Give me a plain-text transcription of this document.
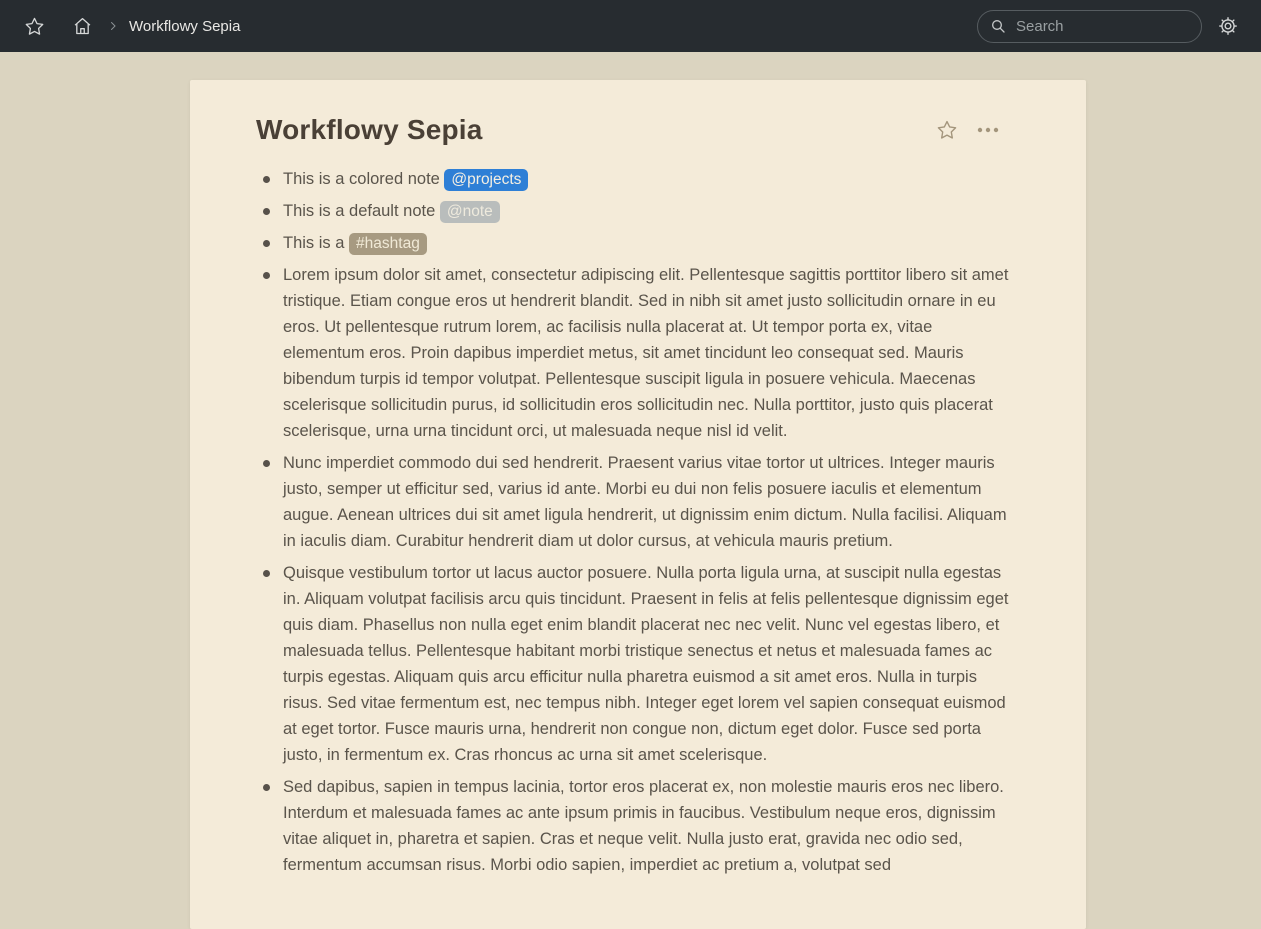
Workflowy Sepia
Search
Workflowy Sepia
This is a colored note @projects
This is a default note @note
This is a #hashtag
Lorem ipsum dolor sit amet, consectetur adipiscing elit. Pellentesque sagittis porttitor libero sit amet tristique. Etiam congue eros ut hendrerit blandit. Sed in nibh sit amet justo sollicitudin ornare in eu eros. Ut pellentesque rutrum lorem, ac facilisis nulla placerat at. Ut tempor porta ex, vitae elementum eros. Proin dapibus imperdiet metus, sit amet tincidunt leo consequat sed. Mauris bibendum turpis id tempor volutpat. Pellentesque suscipit ligula in posuere vehicula. Maecenas scelerisque sollicitudin purus, id sollicitudin eros sollicitudin nec. Nulla porttitor, justo quis placerat scelerisque, urna urna tincidunt orci, ut malesuada neque nisl id velit.
Nunc imperdiet commodo dui sed hendrerit. Praesent varius vitae tortor ut ultrices. Integer mauris justo, semper ut efficitur sed, varius id ante. Morbi eu dui non felis posuere iaculis et elementum augue. Aenean ultrices dui sit amet ligula hendrerit, ut dignissim enim dictum. Nulla facilisi. Aliquam in iaculis diam. Curabitur hendrerit diam ut dolor cursus, at vehicula mauris pretium.
Quisque vestibulum tortor ut lacus auctor posuere. Nulla porta ligula urna, at suscipit nulla egestas in. Aliquam volutpat facilisis arcu quis tincidunt. Praesent in felis at felis pellentesque dignissim eget quis diam. Phasellus non nulla eget enim blandit placerat nec nec velit. Nunc vel egestas libero, et malesuada tellus. Pellentesque habitant morbi tristique senectus et netus et malesuada fames ac turpis egestas. Aliquam quis arcu efficitur nulla pharetra euismod a sit amet eros. Nulla in turpis risus. Sed vitae fermentum est, nec tempus nibh. Integer eget lorem vel sapien consequat euismod at eget tortor. Fusce mauris urna, hendrerit non congue non, dictum eget dolor. Fusce sed porta justo, in fermentum ex. Cras rhoncus ac urna sit amet scelerisque.
Sed dapibus, sapien in tempus lacinia, tortor eros placerat ex, non molestie mauris eros nec libero. Interdum et malesuada fames ac ante ipsum primis in faucibus. Vestibulum neque eros, dignissim vitae aliquet in, pharetra et sapien. Cras et neque velit. Nulla justo erat, gravida nec odio sed, fermentum accumsan risus. Morbi odio sapien, imperdiet ac pretium a, volutpat sed
